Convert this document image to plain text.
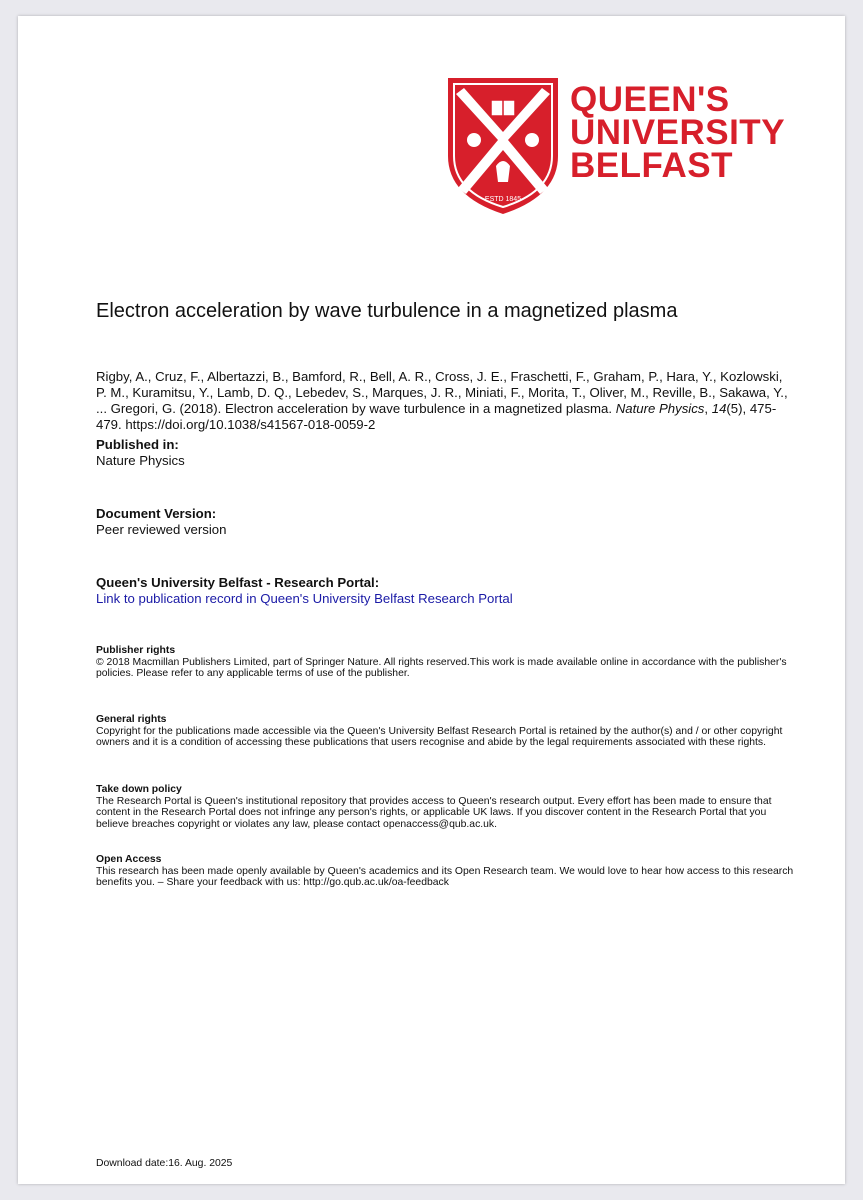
ESTD 1845
QUEEN'S
UNIVERSITY
BELFAST
Electron acceleration by wave turbulence in a magnetized plasma
Rigby, A., Cruz, F., Albertazzi, B., Bamford, R., Bell, A. R., Cross, J. E., Fraschetti, F., Graham, P., Hara, Y., Kozlowski, P. M., Kuramitsu, Y., Lamb, D. Q., Lebedev, S., Marques, J. R., Miniati, F., Morita, T., Oliver, M., Reville, B., Sakawa, Y., ... Gregori, G. (2018). Electron acceleration by wave turbulence in a magnetized plasma. Nature Physics, 14(5), 475-479. https://doi.org/10.1038/s41567-018-0059-2
Published in:
Nature Physics
Document Version:
Peer reviewed version
Queen's University Belfast - Research Portal:
Link to publication record in Queen's University Belfast Research Portal
Publisher rights
© 2018 Macmillan Publishers Limited, part of Springer Nature. All rights reserved.This work is made available online in accordance with the publisher's policies. Please refer to any applicable terms of use of the publisher.
General rights
Copyright for the publications made accessible via the Queen's University Belfast Research Portal is retained by the author(s) and / or other copyright owners and it is a condition of accessing these publications that users recognise and abide by the legal requirements associated with these rights.
Take down policy
The Research Portal is Queen's institutional repository that provides access to Queen's research output. Every effort has been made to ensure that content in the Research Portal does not infringe any person's rights, or applicable UK laws. If you discover content in the Research Portal that you believe breaches copyright or violates any law, please contact openaccess@qub.ac.uk.
Open Access
This research has been made openly available by Queen's academics and its Open Research team. We would love to hear how access to this research benefits you. – Share your feedback with us: http://go.qub.ac.uk/oa-feedback
Download date:16. Aug. 2025
